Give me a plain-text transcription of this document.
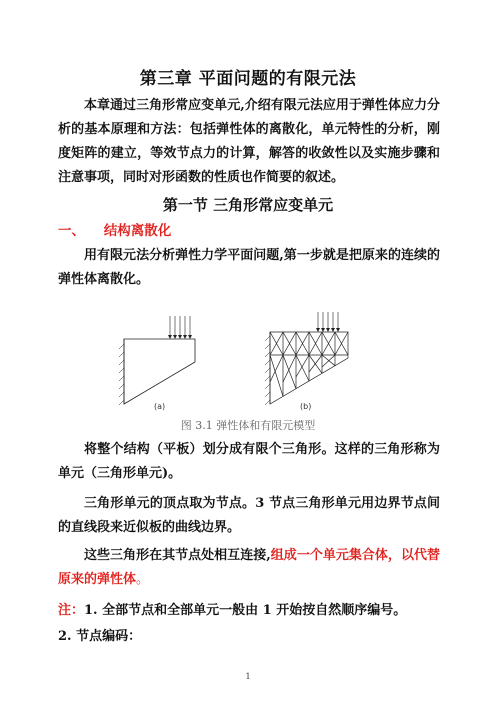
第三章 平面问题的有限元法
本章通过三角形常应变单元,介绍有限元法应用于弹性体应力分析的基本原理和方法：包括弹性体的离散化，单元特性的分析，刚度矩阵的建立，等效节点力的计算，解答的收敛性以及实施步骤和注意事项，同时对形函数的性质也作简要的叙述。
第一节 三角形常应变单元
一、 结构离散化
用有限元法分析弹性力学平面问题,第一步就是把原来的连续的弹性体离散化。
(a)	(b)
图 3.1 弹性体和有限元模型
将整个结构（平板）划分成有限个三角形。这样的三角形称为单元（三角形单元)。
三角形单元的顶点取为节点。3 节点三角形单元用边界节点间的直线段来近似板的曲线边界。
这些三角形在其节点处相互连接,组成一个单元集合体，以代替原来的弹性体。
注：1. 全部节点和全部单元一般由 1 开始按自然顺序编号。
2. 节点编码：
1
